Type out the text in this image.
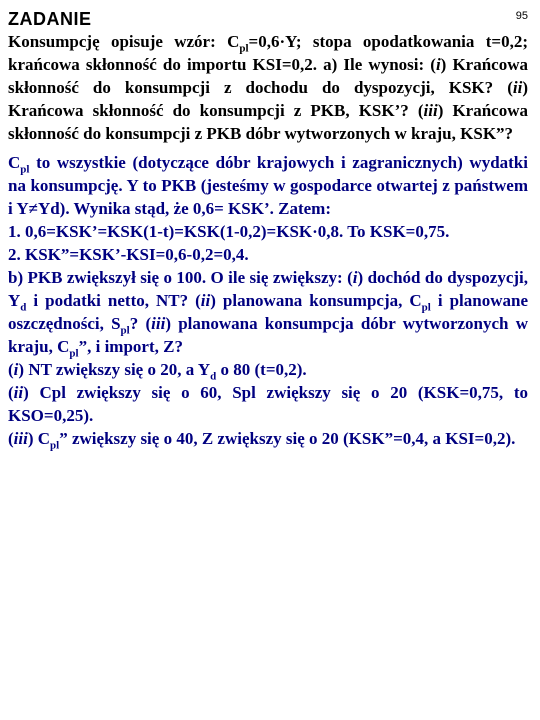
ZADANIE	95
Konsumpcję opisuje wzór: $C_{pl}=0,6\cdot Y$; stopa opodatkowania t=0,2; krańcowa skłonność do importu KSI=0,2. a) Ile wynosi: (i) Krańcowa skłonność do konsumpcji z dochodu do dyspozycji, KSK? (ii) Krańcowa skłonność do konsumpcji z PKB, KSK’? (iii) Krańcowa skłonność do konsumpcji z PKB dóbr wytworzonych w kraju, KSK”?
$C_{pl}$ to wszystkie (dotyczące dóbr krajowych i zagranicznych) wydatki na konsumpcję. Y to PKB (jesteśmy w gospodarce otwartej z państwem i Y≠Yd). Wynika stąd, że 0,6= KSK’. Zatem:
1. 0,6=KSK’=KSK(1-t)=KSK(1-0,2)=KSK·0,8. To KSK=0,75.
2. KSK”=KSK’-KSI=0,6-0,2=0,4.
b) PKB zwiększył się o 100. O ile się zwiększy: (i) dochód do dyspozycji, $Y_d$ i podatki netto, NT? (ii) planowana konsumpcja, $C_{pl}$ i planowane oszczędności, $S_{pl}$? (iii) planowana konsumpcja dóbr wytworzonych w kraju, $C_{pl}$”, i import, Z?
(i) NT zwiększy się o 20, a $Y_d$ o 80 (t=0,2).
(ii) Cpl zwiększy się o 60, Spl zwiększy się o 20 (KSK=0,75, to KSO=0,25).
(iii) $C_{pl}$” zwiększy się o 40, Z zwiększy się o 20 (KSK”=0,4, a KSI=0,2).
